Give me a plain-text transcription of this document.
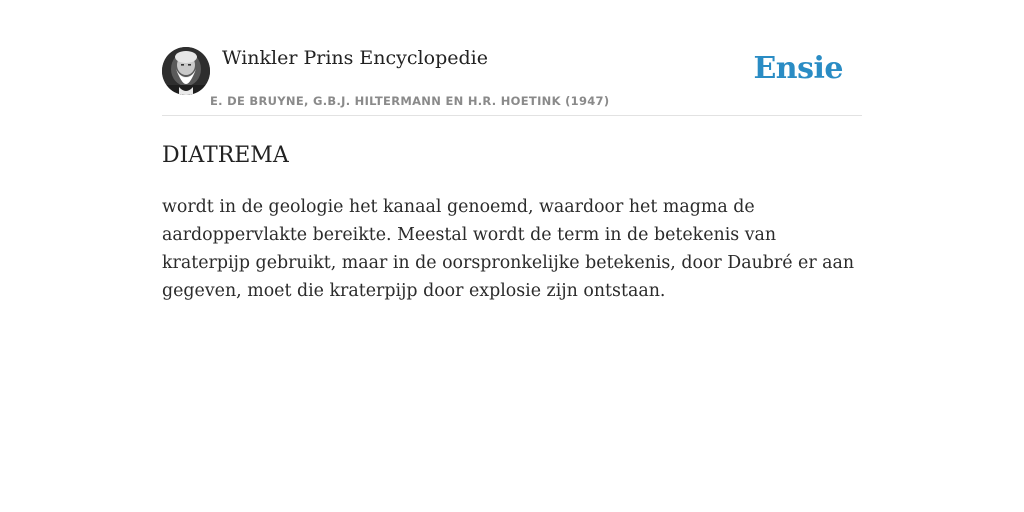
Winkler Prins Encyclopedie
E. DE BRUYNE, G.B.J. HILTERMANN EN H.R. HOETINK (1947)
Ensie
DIATREMA

wordt in de geologie het kanaal genoemd, waardoor het magma de aardoppervlakte bereikte. Meestal wordt de term in de betekenis van kraterpijp gebruikt, maar in de oorspronkelijke betekenis, door Daubré er aan gegeven, moet die kraterpijp door explosie zijn ontstaan.
